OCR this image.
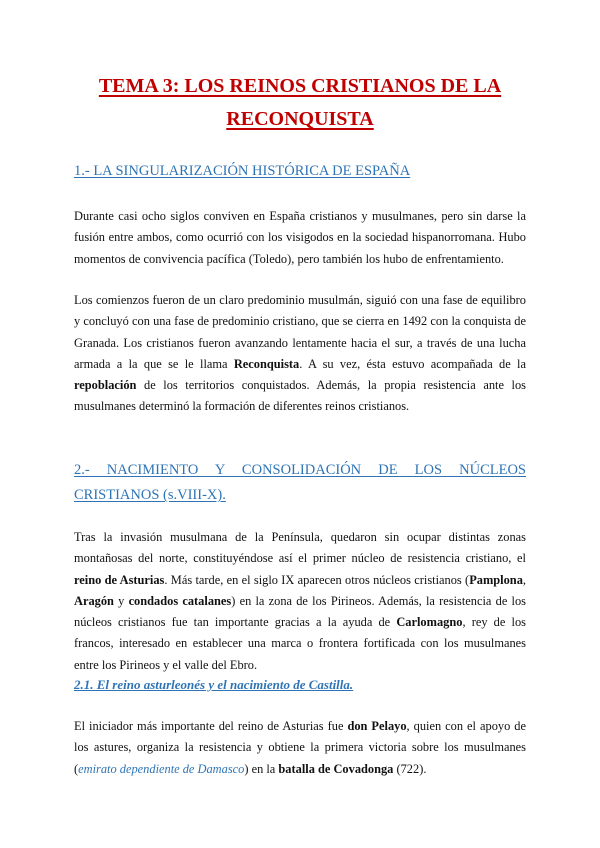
TEMA 3: LOS REINOS CRISTIANOS DE LA RECONQUISTA
1.- LA SINGULARIZACIÓN HISTÓRICA DE ESPAÑA

Durante casi ocho siglos conviven en España cristianos y musulmanes, pero sin darse la fusión entre ambos, como ocurrió con los visigodos en la sociedad hispanorromana. Hubo momentos de convivencia pacífica (Toledo), pero también los hubo de enfrentamiento.

Los comienzos fueron de un claro predominio musulmán, siguió con una fase de equilibro y concluyó con una fase de predominio cristiano, que se cierra en 1492 con la conquista de Granada. Los cristianos fueron avanzando lentamente hacia el sur, a través de una lucha armada a la que se le llama Reconquista. A su vez, ésta estuvo acompañada de la repoblación de los territorios conquistados. Además, la propia resistencia ante los musulmanes determinó la formación de diferentes reinos cristianos.

2.- NACIMIENTO Y CONSOLIDACIÓN DE LOS NÚCLEOS CRISTIANOS (s.VIII-X).

Tras la invasión musulmana de la Península, quedaron sin ocupar distintas zonas montañosas del norte, constituyéndose así el primer núcleo de resistencia cristiano, el reino de Asturias. Más tarde, en el siglo IX aparecen otros núcleos cristianos (Pamplona, Aragón y condados catalanes) en la zona de los Pirineos. Además, la resistencia de los núcleos cristianos fue tan importante gracias a la ayuda de Carlomagno, rey de los francos, interesado en establecer una marca o frontera fortificada con los musulmanes entre los Pirineos y el valle del Ebro.

2.1. El reino asturleonés y el nacimiento de Castilla.

El iniciador más importante del reino de Asturias fue don Pelayo, quien con el apoyo de los astures, organiza la resistencia y obtiene la primera victoria sobre los musulmanes (emirato dependiente de Damasco) en la batalla de Covadonga (722).
